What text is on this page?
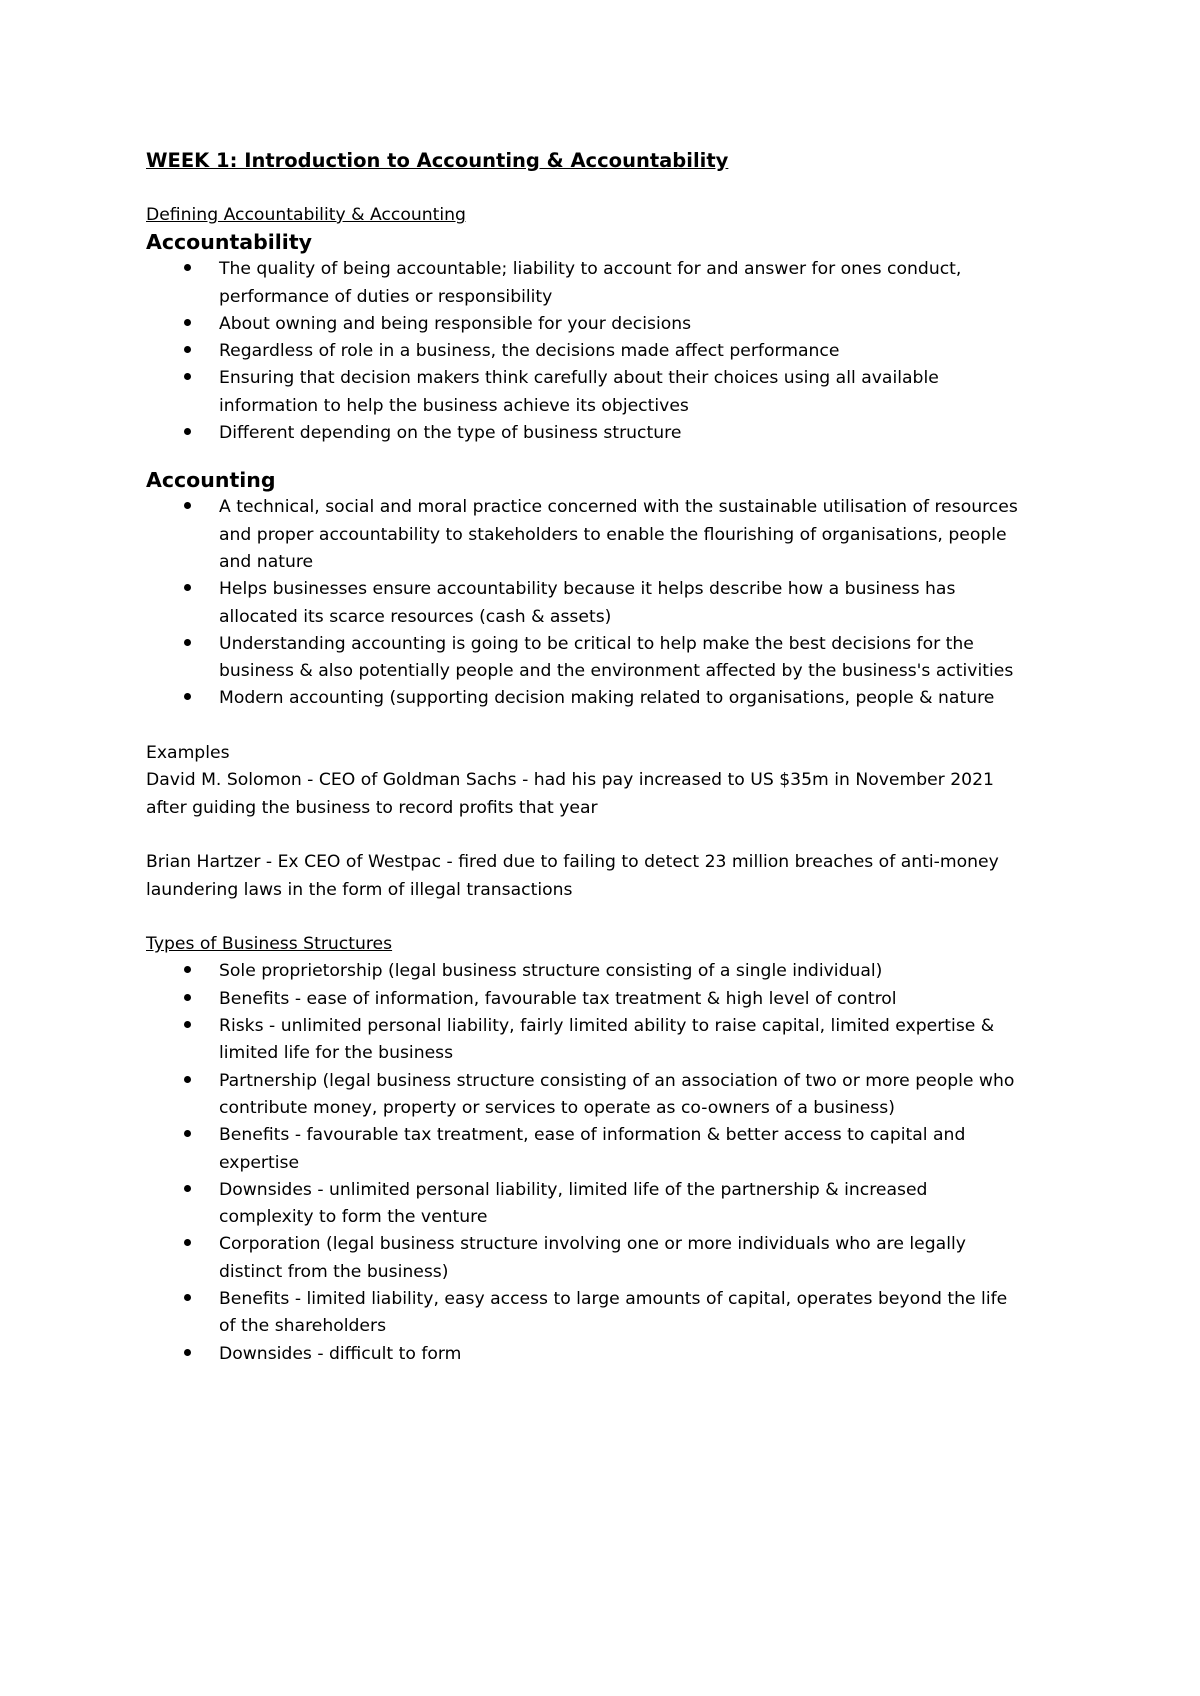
WEEK 1: Introduction to Accounting & Accountability
Defining Accountability & Accounting
Accountability
The quality of being accountable; liability to account for and answer for ones conduct,
performance of duties or responsibility
About owning and being responsible for your decisions
Regardless of role in a business, the decisions made affect performance
Ensuring that decision makers think carefully about their choices using all available
information to help the business achieve its objectives
Different depending on the type of business structure
Accounting
A technical, social and moral practice concerned with the sustainable utilisation of resources
and proper accountability to stakeholders to enable the flourishing of organisations, people
and nature
Helps businesses ensure accountability because it helps describe how a business has
allocated its scarce resources (cash & assets)
Understanding accounting is going to be critical to help make the best decisions for the
business & also potentially people and the environment affected by the business's activities
Modern accounting (supporting decision making related to organisations, people & nature
Examples
David M. Solomon - CEO of Goldman Sachs - had his pay increased to US $35m in November 2021
after guiding the business to record profits that year
Brian Hartzer - Ex CEO of Westpac - fired due to failing to detect 23 million breaches of anti-money
laundering laws in the form of illegal transactions
Types of Business Structures
Sole proprietorship (legal business structure consisting of a single individual)
Benefits - ease of information, favourable tax treatment & high level of control
Risks - unlimited personal liability, fairly limited ability to raise capital, limited expertise &
limited life for the business
Partnership (legal business structure consisting of an association of two or more people who
contribute money, property or services to operate as co-owners of a business)
Benefits - favourable tax treatment, ease of information & better access to capital and
expertise
Downsides - unlimited personal liability, limited life of the partnership & increased
complexity to form the venture
Corporation (legal business structure involving one or more individuals who are legally
distinct from the business)
Benefits - limited liability, easy access to large amounts of capital, operates beyond the life
of the shareholders
Downsides - difficult to form
